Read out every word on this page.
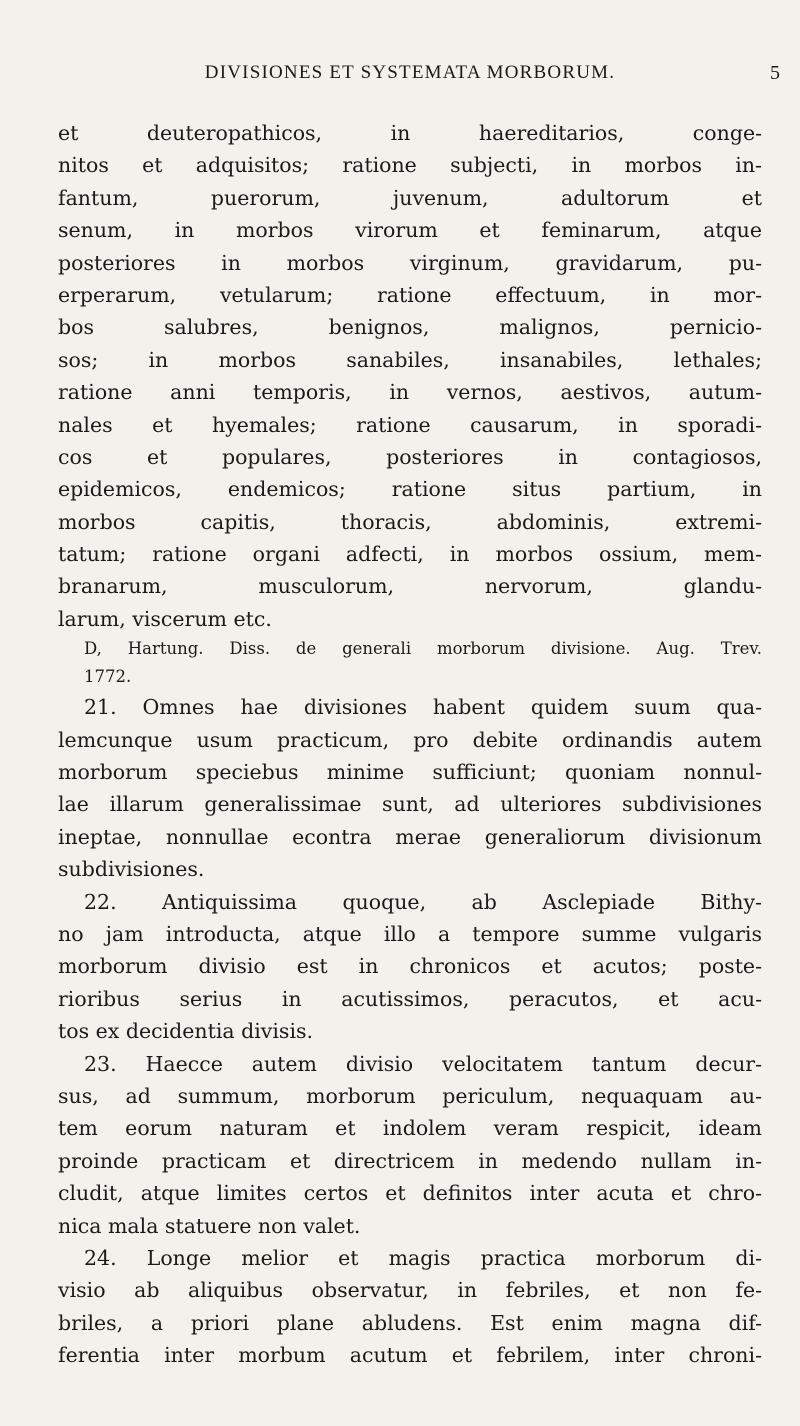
DIVISIONES ET SYSTEMATA MORBORUM.	5
et deuteropathicos, in haereditarios, conge-
nitos et adquisitos; ratione subjecti, in morbos in-
fantum, puerorum, juvenum, adultorum et
senum, in morbos virorum et feminarum, atque
posteriores in morbos virginum, gravidarum, pu-
erperarum, vetularum; ratione effectuum, in mor-
bos salubres, benignos, malignos, pernicio-
sos; in morbos sanabiles, insanabiles, lethales;
ratione anni temporis, in vernos, aestivos, autum-
nales et hyemales; ratione causarum, in sporadi-
cos et populares, posteriores in contagiosos,
epidemicos, endemicos; ratione situs partium, in
morbos capitis, thoracis, abdominis, extremi-
tatum; ratione organi adfecti, in morbos ossium, mem-
branarum, musculorum, nervorum, glandu-
larum, viscerum etc.
D, Hartung. Diss. de generali morborum divisione. Aug. Trev.
1772.
21. Omnes hae divisiones habent quidem suum qua-
lemcunque usum practicum, pro debite ordinandis autem
morborum speciebus minime sufficiunt; quoniam nonnul-
lae illarum generalissimae sunt, ad ulteriores subdivisiones
ineptae, nonnullae econtra merae generaliorum divisionum
subdivisiones.
22. Antiquissima quoque, ab Asclepiade Bithy-
no jam introducta, atque illo a tempore summe vulgaris
morborum divisio est in chronicos et acutos; poste-
rioribus serius in acutissimos, peracutos, et acu-
tos ex decidentia divisis.
23. Haecce autem divisio velocitatem tantum decur-
sus, ad summum, morborum periculum, nequaquam au-
tem eorum naturam et indolem veram respicit, ideam
proinde practicam et directricem in medendo nullam in-
cludit, atque limites certos et definitos inter acuta et chro-
nica mala statuere non valet.
24. Longe melior et magis practica morborum di-
visio ab aliquibus observatur, in febriles, et non fe-
briles, a priori plane abludens. Est enim magna dif-
ferentia inter morbum acutum et febrilem, inter chroni-
